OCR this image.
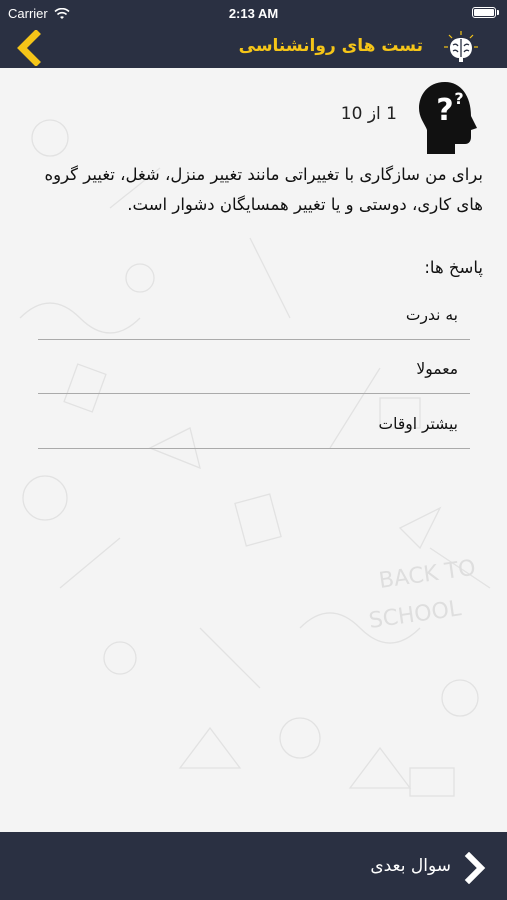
Carrier	2:13 AM
تست های روانشناسی
BACK TO
SCHOOL
? ?
1 از 10
برای من سازگاری با تغییراتی مانند تغییر منزل، شغل، تغییر گروه های کاری، دوستی و یا تغییر همسایگان دشوار است.
پاسخ ها:
به ندرت
معمولا
بیشتر اوقات
سوال بعدی
